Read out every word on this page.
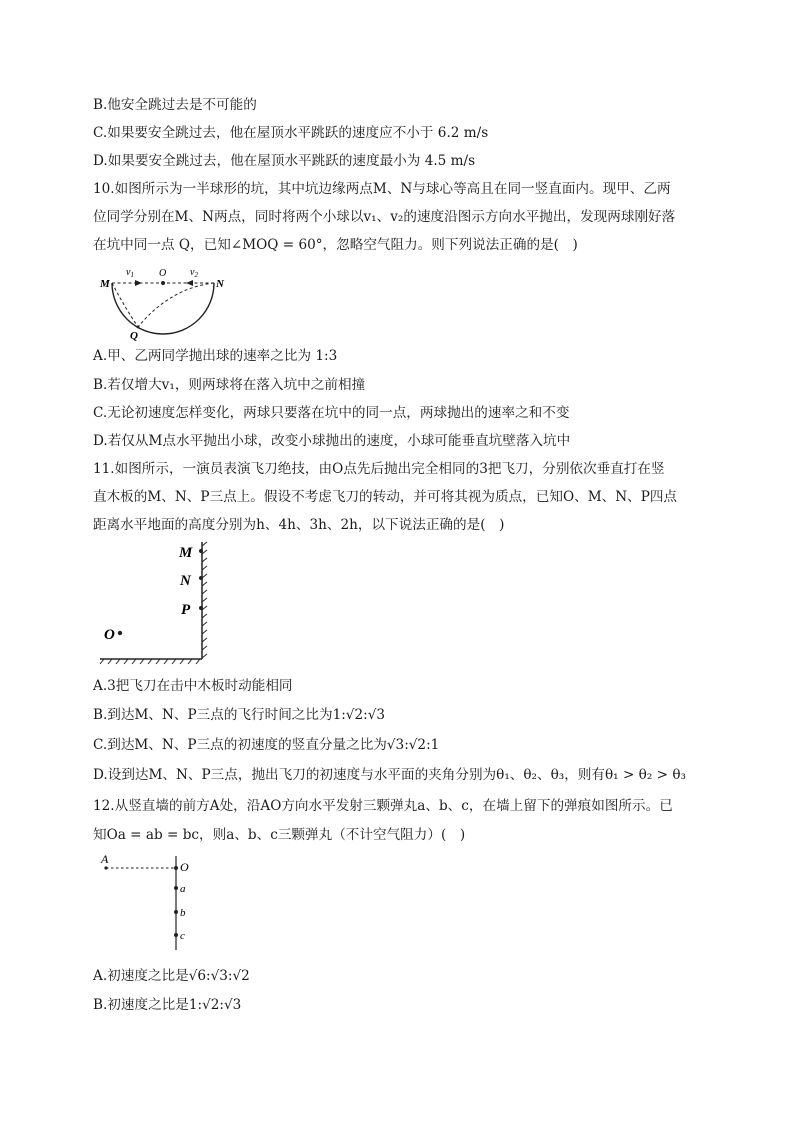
B.他安全跳过去是不可能的
C.如果要安全跳过去，他在屋顶水平跳跃的速度应不小于 6.2 m/s
D.如果要安全跳过去，他在屋顶水平跳跃的速度最小为 4.5 m/s
10.如图所示为一半球形的坑，其中坑边缘两点M、N与球心等高且在同一竖直面内。现甲、乙两
位同学分别在M、N两点，同时将两个小球以v₁、v₂的速度沿图示方向水平抛出，发现两球刚好落
在坑中同一点 Q，已知∠MOQ = 60°，忽略空气阻力。则下列说法正确的是(　)
M	N
O
Q
$v_1$	$v_2$
A.甲、乙两同学抛出球的速率之比为 1:3
B.若仅增大v₁，则两球将在落入坑中之前相撞
C.无论初速度怎样变化，两球只要落在坑中的同一点，两球抛出的速率之和不变
D.若仅从M点水平抛出小球，改变小球抛出的速度，小球可能垂直坑壁落入坑中
11.如图所示，一演员表演飞刀绝技，由O点先后抛出完全相同的3把飞刀，分别依次垂直打在竖
直木板的M、N、P三点上。假设不考虑飞刀的转动，并可将其视为质点，已知O、M、N、P四点
距离水平地面的高度分别为h、4h、3h、2h，以下说法正确的是(　)
M
N
P
O
A.3把飞刀在击中木板时动能相同
B.到达M、N、P三点的飞行时间之比为1:√2:√3
C.到达M、N、P三点的初速度的竖直分量之比为√3:√2:1
D.设到达M、N、P三点，抛出飞刀的初速度与水平面的夹角分别为θ₁、θ₂、θ₃，则有θ₁ > θ₂ > θ₃
12.从竖直墙的前方A处，沿AO方向水平发射三颗弹丸a、b、c，在墙上留下的弹痕如图所示。已
知Oa = ab = bc，则a、b、c三颗弹丸（不计空气阻力）(　)
A
O
a
b
c
A.初速度之比是√6:√3:√2
B.初速度之比是1:√2:√3
